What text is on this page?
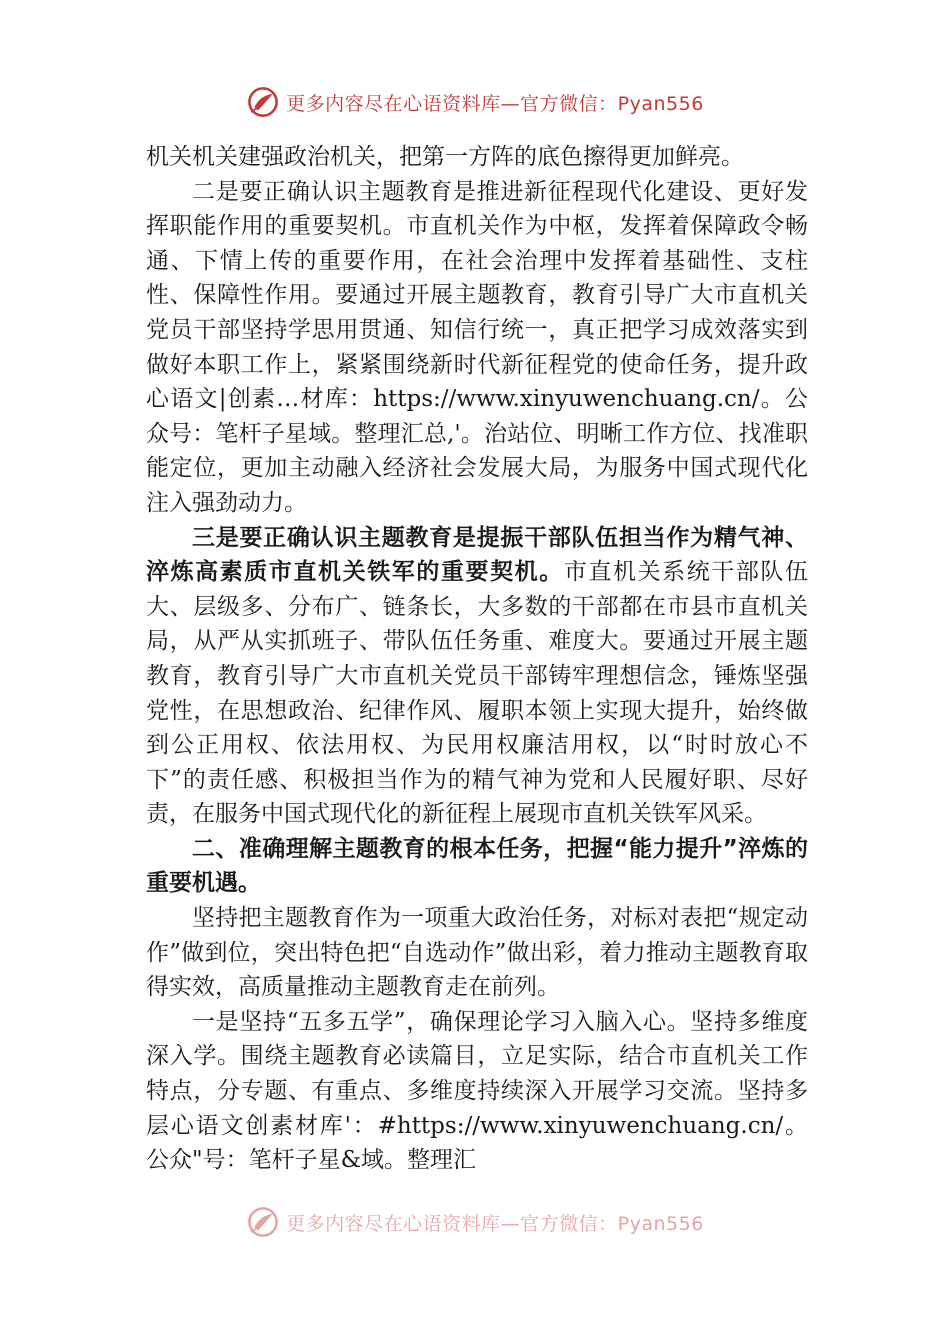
更多内容尽在心语资料库—官方微信：Pyan556

机关机关建强政治机关，把第一方阵的底色擦得更加鲜亮。

二是要正确认识主题教育是推进新征程现代化建设、更好发挥职能作用的重要契机。市直机关作为中枢，发挥着保障政令畅通、下情上传的重要作用，在社会治理中发挥着基础性、支柱性、保障性作用。要通过开展主题教育，教育引导广大市直机关党员干部坚持学思用贯通、知信行统一，真正把学习成效落实到做好本职工作上，紧紧围绕新时代新征程党的使命任务，提升政心语文|创素…材库：https://www.xinyuwenchuang.cn/。公众号：笔杆子星域。整理汇总,'。治站位、明晰工作方位、找准职能定位，更加主动融入经济社会发展大局，为服务中国式现代化注入强劲动力。

三是要正确认识主题教育是提振干部队伍担当作为精气神、淬炼高素质市直机关铁军的重要契机。市直机关系统干部队伍大、层级多、分布广、链条长，大多数的干部都在市县市直机关局，从严从实抓班子、带队伍任务重、难度大。要通过开展主题教育，教育引导广大市直机关党员干部铸牢理想信念，锤炼坚强党性，在思想政治、纪律作风、履职本领上实现大提升，始终做到公正用权、依法用权、为民用权廉洁用权，以“时时放心不下”的责任感、积极担当作为的精气神为党和人民履好职、尽好责，在服务中国式现代化的新征程上展现市直机关铁军风采。

二、准确理解主题教育的根本任务，把握“能力提升”淬炼的重要机遇。

坚持把主题教育作为一项重大政治任务，对标对表把“规定动作”做到位，突出特色把“自选动作”做出彩，着力推动主题教育取得实效，高质量推动主题教育走在前列。

一是坚持“五多五学”，确保理论学习入脑入心。坚持多维度深入学。围绕主题教育必读篇目，立足实际，结合市直机关工作特点，分专题、有重点、多维度持续深入开展学习交流。坚持多层心语文创素材库'：#https://www.xinyuwenchuang.cn/。公众"号：笔杆子星&域。整理汇

更多内容尽在心语资料库—官方微信：Pyan556
